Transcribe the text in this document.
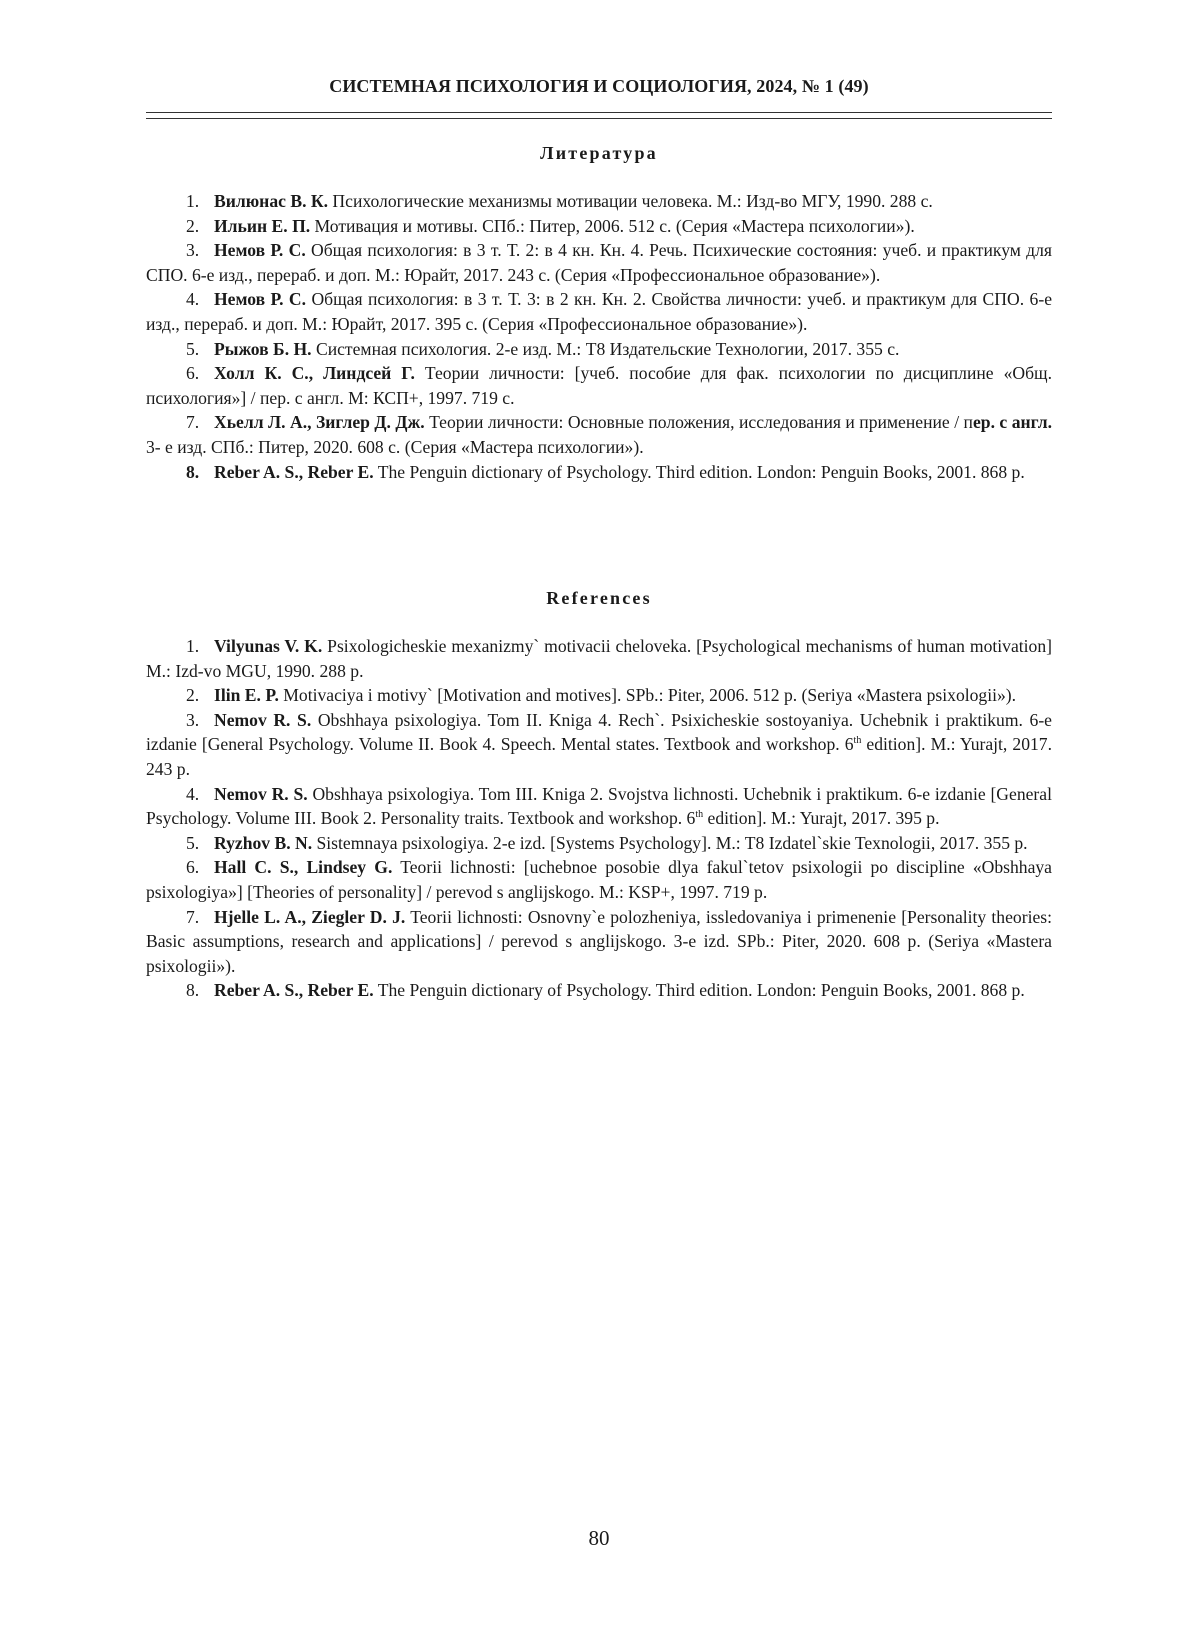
СИСТЕМНАЯ ПСИХОЛОГИЯ И СОЦИОЛОГИЯ, 2024, № 1 (49)
Литература
1. Вилюнас В. К. Психологические механизмы мотивации человека. М.: Изд-во МГУ, 1990. 288 с.
2. Ильин Е. П. Мотивация и мотивы. СПб.: Питер, 2006. 512 с. (Серия «Мастера психологии»).
3. Немов Р. С. Общая психология: в 3 т. Т. 2: в 4 кн. Кн. 4. Речь. Психические состояния: учеб. и практикум для СПО. 6-е изд., перераб. и доп. М.: Юрайт, 2017. 243 с. (Серия «Профессиональное образование»).
4. Немов Р. С. Общая психология: в 3 т. Т. 3: в 2 кн. Кн. 2. Свойства личности: учеб. и практикум для СПО. 6-е изд., перераб. и доп. М.: Юрайт, 2017. 395 с. (Серия «Профессиональное образование»).
5. Рыжов Б. Н. Системная психология. 2-е изд. М.: Т8 Издательские Технологии, 2017. 355 с.
6. Холл К. С., Линдсей Г. Теории личности: [учеб. пособие для фак. психологии по дисциплине «Общ. психология»] / пер. с англ. М: КСП+, 1997. 719 с.
7. Хьелл Л. А., Зиглер Д. Дж. Теории личности: Основные положения, исследования и применение / пер. с англ. 3- е изд. СПб.: Питер, 2020. 608 с. (Серия «Мастера психологии»).
8. Reber A. S., Reber E. The Penguin dictionary of Psychology. Third edition. London: Penguin Books, 2001. 868 p.
References
1. Vilyunas V. K. Psixologicheskie mexanizmy` motivacii cheloveka. [Psychological mechanisms of human motivation] M.: Izd-vo MGU, 1990. 288 p.
2. Ilin E. P. Motivaciya i motivy` [Motivation and motives]. SPb.: Piter, 2006. 512 p. (Seriya «Mastera psixologii»).
3. Nemov R. S. Obshhaya psixologiya. Tom II. Kniga 4. Rech`. Psixicheskie sostoyaniya. Uchebnik i praktikum. 6-e izdanie [General Psychology. Volume II. Book 4. Speech. Mental states. Textbook and workshop. 6th edition]. M.: Yurajt, 2017. 243 p.
4. Nemov R. S. Obshhaya psixologiya. Tom III. Kniga 2. Svojstva lichnosti. Uchebnik i praktikum. 6-e izdanie [General Psychology. Volume III. Book 2. Personality traits. Textbook and workshop. 6th edition]. M.: Yurajt, 2017. 395 p.
5. Ryzhov B. N. Sistemnaya psixologiya. 2-e izd. [Systems Psychology]. M.: T8 Izdatel`skie Texnologii, 2017. 355 p.
6. Hall C. S., Lindsey G. Teorii lichnosti: [uchebnoe posobie dlya fakul`tetov psixologii po discipline «Obshhaya psixologiya»] [Theories of personality] / perevod s anglijskogo. M.: KSP+, 1997. 719 p.
7. Hjelle L. A., Ziegler D. J. Teorii lichnosti: Osnovny`e polozheniya, issledovaniya i primenenie [Personality theories: Basic assumptions, research and applications] / perevod s anglijskogo. 3-e izd. SPb.: Piter, 2020. 608 p. (Seriya «Mastera psixologii»).
8. Reber A. S., Reber E. The Penguin dictionary of Psychology. Third edition. London: Penguin Books, 2001. 868 p.
80
